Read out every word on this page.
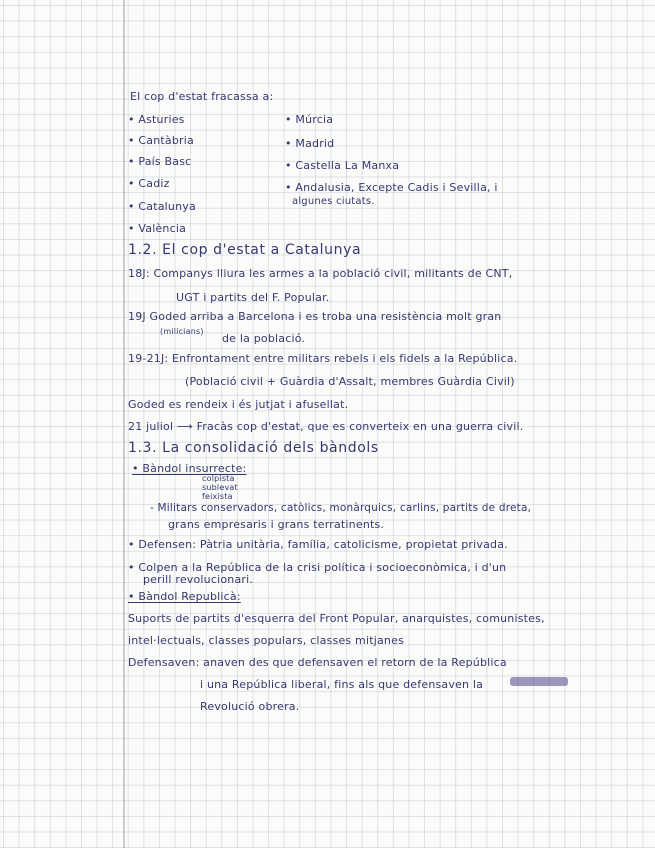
El cop d'estat fracassa a:
• Asturies
• Cantàbria
• País Basc
• Cadiz
• Catalunya
• València
• Múrcia
• Madrid
• Castella La Manxa
• Andalusia, Excepte Cadis i Sevilla, i
algunes ciutats.
1.2. El cop d'estat a Catalunya
18J: Companys lliura les armes a la població civil, militants de CNT,
UGT i partits del F. Popular.
19J Goded arriba a Barcelona i es troba una resistència molt gran
(milicians)
de la població.
19-21J: Enfrontament entre militars rebels i els fidels a la República.
(Població civil + Guàrdia d'Assalt, membres Guàrdia Civil)
Goded es rendeix i és jutjat i afusellat.
21 juliol ⟶ Fracàs cop d'estat, que es converteix en una guerra civil.
1.3. La consolidació dels bàndols
• Bàndol insurrecte:
colpista
sublevat
feixista
- Militars conservadors, catòlics, monàrquics, carlins, partits de dreta,
grans empresaris i grans terratinents.
• Defensen: Pàtria unitària, família, catolicisme, propietat privada.
• Colpen a la República de la crisi política i socioeconòmica, i d'un
perill revolucionari.
• Bàndol Republicà:
Suports de partits d'esquerra del Front Popular, anarquistes, comunistes,
intel·lectuals, classes populars, classes mitjanes
Defensaven: anaven des que defensaven el retorn de la República
i una República liberal, fins als que defensaven la
Revolució obrera.
